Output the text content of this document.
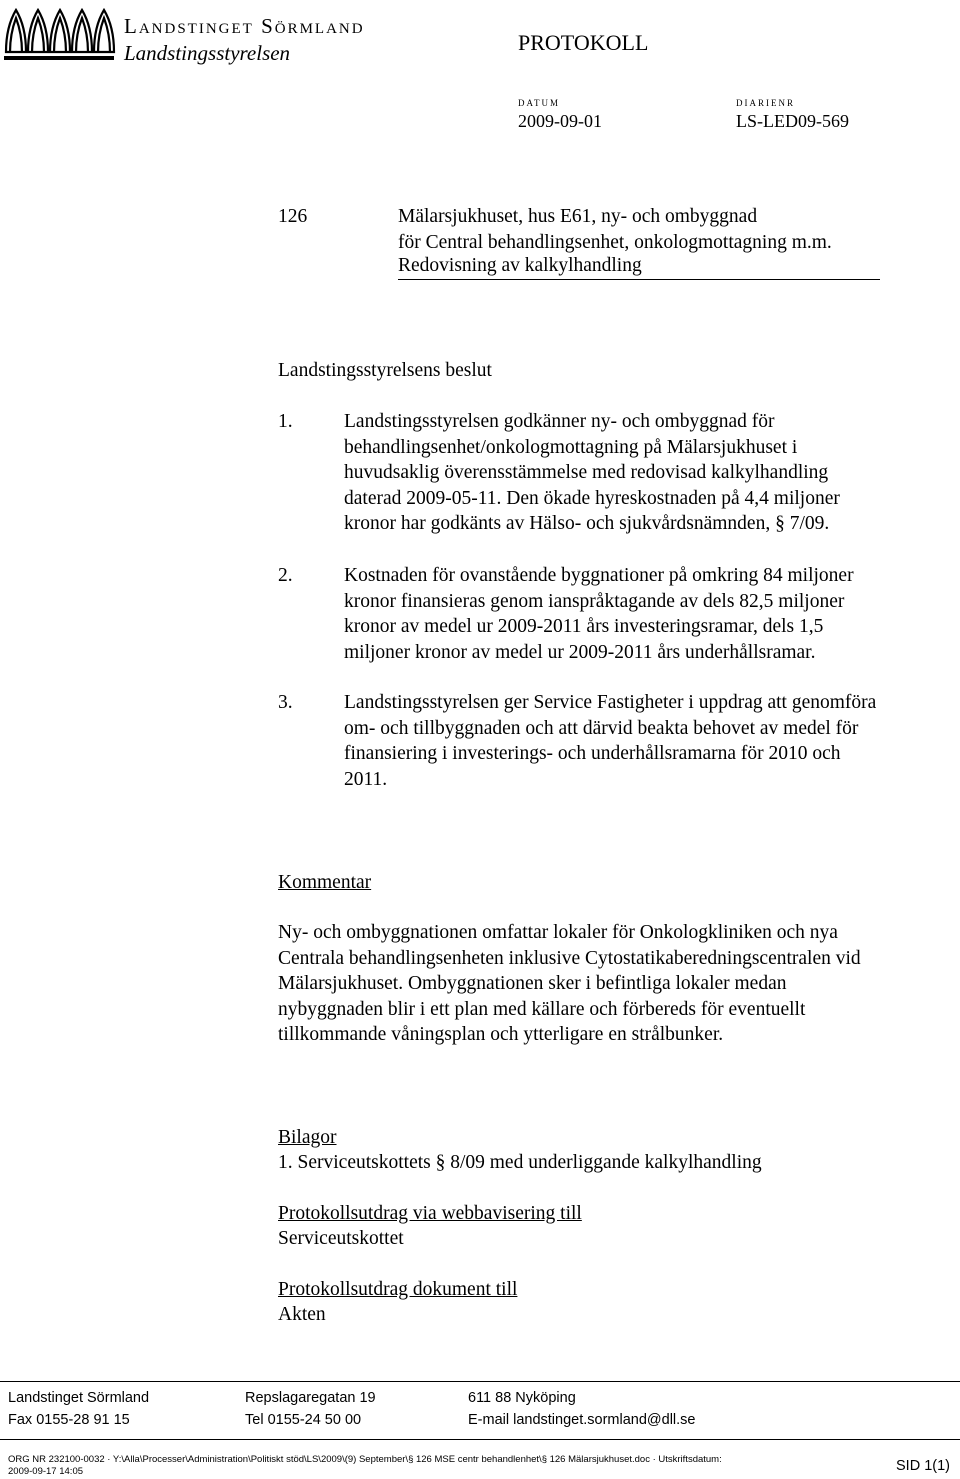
Landstinget Sörmland
Landstingsstyrelsen	PROTOKOLL
DATUM
2009-09-01
DIARIENR
LS-LED09-569
126	Mälarsjukhuset, hus E61, ny- och ombyggnad
för Central behandlingsenhet, onkologmottagning m.m.
Redovisning av kalkylhandling
Landstingsstyrelsens beslut
1.	Landstingsstyrelsen godkänner ny- och ombyggnad för
behandlingsenhet/onkologmottagning på Mälarsjukhuset i
huvudsaklig överensstämmelse med redovisad kalkylhandling
daterad 2009-05-11. Den ökade hyreskostnaden på 4,4 miljoner
kronor har godkänts av Hälso- och sjukvårdsnämnden, § 7/09.
2.	Kostnaden för ovanstående byggnationer på omkring 84 miljoner
kronor finansieras genom ianspråktagande av dels 82,5 miljoner
kronor av medel ur 2009-2011 års investeringsramar, dels 1,5
miljoner kronor av medel ur 2009-2011 års underhållsramar.
3.	Landstingsstyrelsen ger Service Fastigheter i uppdrag att genomföra
om- och tillbyggnaden och att därvid beakta behovet av medel för
finansiering i investerings- och underhållsramarna för 2010 och
2011.
Kommentar
Ny- och ombyggnationen omfattar lokaler för Onkologkliniken och nya
Centrala behandlingsenheten inklusive Cytostatikaberedningscentralen vid
Mälarsjukhuset. Ombyggnationen sker i befintliga lokaler medan
nybyggnaden blir i ett plan med källare och förbereds för eventuellt
tillkommande våningsplan och ytterligare en strålbunker.
Bilagor
1. Serviceutskottets § 8/09 med underliggande kalkylhandling
Protokollsutdrag via webbavisering till
Serviceutskottet
Protokollsutdrag dokument till
Akten
Landstinget Sörmland	Repslagaregatan 19	611 88 Nyköping
Fax 0155-28 91 15	Tel 0155-24 50 00	E-mail landstinget.sormland@dll.se
ORG NR 232100-0032 · Y:\Alla\Processer\Administration\Politiskt stöd\LS\2009\(9) September\§ 126 MSE centr behandlenhet\§ 126 Mälarsjukhuset.doc · Utskriftsdatum:
2009-09-17 14:05	SID 1(1)
